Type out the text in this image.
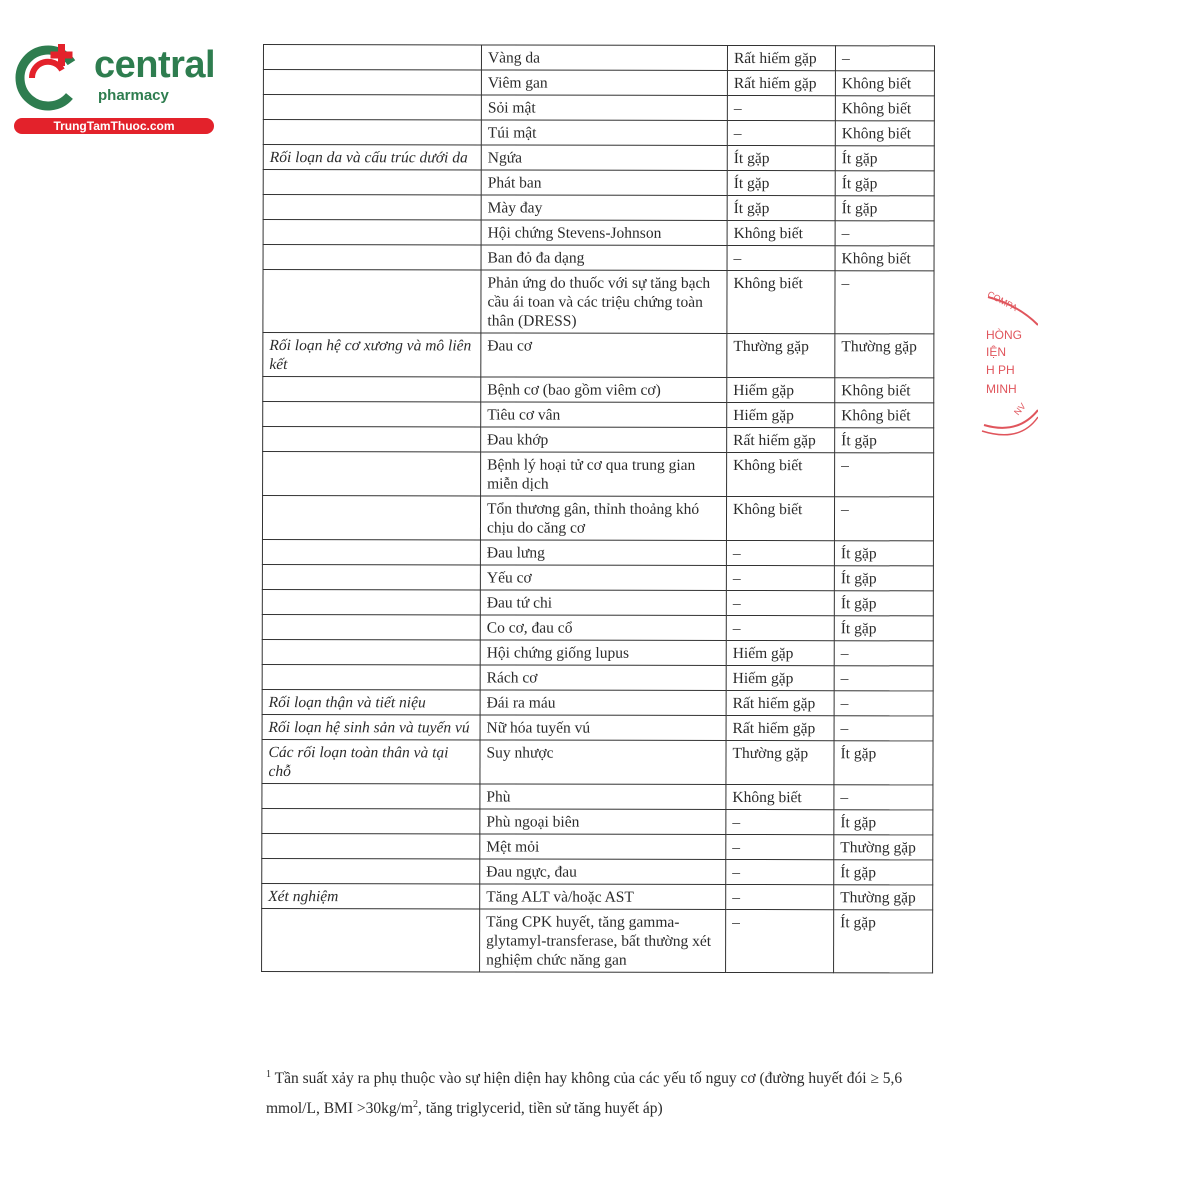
central
pharmacy
TrungTamThuoc.com
COMPA
HÒNG
IỆN
H PH
MINH
NV
	Vàng da	Rất hiếm gặp	–
	Viêm gan	Rất hiếm gặp	Không biết
	Sỏi mật	–	Không biết
	Túi mật	–	Không biết
Rối loạn da và cấu trúc dưới da	Ngứa	Ít gặp	Ít gặp
	Phát ban	Ít gặp	Ít gặp
	Mày đay	Ít gặp	Ít gặp
	Hội chứng Stevens-Johnson	Không biết	–
	Ban đỏ đa dạng	–	Không biết
	Phản ứng do thuốc với sự tăng bạch cầu ái toan và các triệu chứng toàn thân (DRESS)	Không biết	–
Rối loạn hệ cơ xương và mô liên kết	Đau cơ	Thường gặp	Thường gặp
	Bệnh cơ (bao gồm viêm cơ)	Hiếm gặp	Không biết
	Tiêu cơ vân	Hiếm gặp	Không biết
	Đau khớp	Rất hiếm gặp	Ít gặp
	Bệnh lý hoại tử cơ qua trung gian miễn dịch	Không biết	–
	Tổn thương gân, thỉnh thoảng khó chịu do căng cơ	Không biết	–
	Đau lưng	–	Ít gặp
	Yếu cơ	–	Ít gặp
	Đau tứ chi	–	Ít gặp
	Co cơ, đau cổ	–	Ít gặp
	Hội chứng giống lupus	Hiếm gặp	–
	Rách cơ	Hiếm gặp	–
Rối loạn thận và tiết niệu	Đái ra máu	Rất hiếm gặp	–
Rối loạn hệ sinh sản và tuyến vú	Nữ hóa tuyến vú	Rất hiếm gặp	–
Các rối loạn toàn thân và tại chỗ	Suy nhược	Thường gặp	Ít gặp
	Phù	Không biết	–
	Phù ngoại biên	–	Ít gặp
	Mệt mỏi	–	Thường gặp
	Đau ngực, đau	–	Ít gặp
Xét nghiệm	Tăng ALT và/hoặc AST	–	Thường gặp
	Tăng CPK huyết, tăng gamma-glytamyl-transferase, bất thường xét nghiệm chức năng gan	–	Ít gặp
$^1$ Tần suất xảy ra phụ thuộc vào sự hiện diện hay không của các yếu tố nguy cơ (đường huyết đói ≥ 5,6 mmol/L, BMI $>30kg/m^2$, tăng triglycerid, tiền sử tăng huyết áp)
